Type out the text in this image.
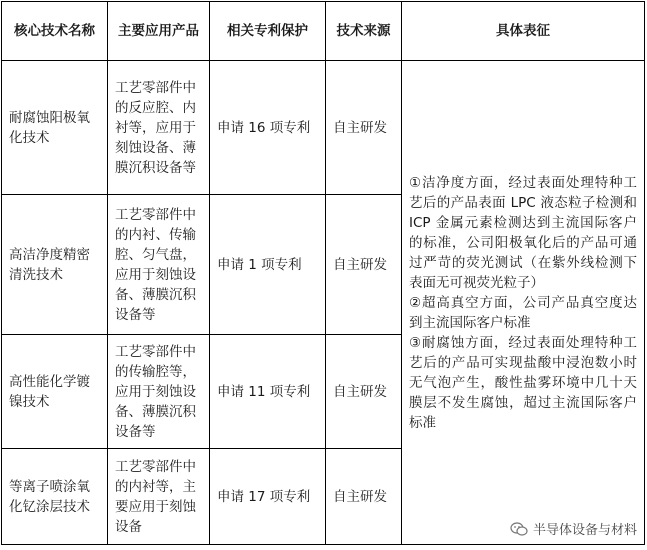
核心技术名称	主要应用产品	相关专利保护	技术来源	具体表征
耐腐蚀阳极氧化技术	工艺零部件中的反应腔、内衬等，应用于刻蚀设备、薄膜沉积设备等	申请 16 项专利	自主研发	①洁净度方面，经过表面处理特种工艺后的产品表面 LPC 液态粒子检测和 ICP 金属元素检测达到主流国际客户的标准，公司阳极氧化后的产品可通过严苛的荧光测试（在紫外线检测下表面无可视荧光粒子）
②超高真空方面，公司产品真空度达到主流国际客户标准
③耐腐蚀方面，经过表面处理特种工艺后的产品可实现盐酸中浸泡数小时无气泡产生，酸性盐雾环境中几十天膜层不发生腐蚀，超过主流国际客户标准

高洁净度精密清洗技术	工艺零部件中的内衬、传输腔、匀气盘，应用于刻蚀设备、薄膜沉积设备等	申请 1 项专利	自主研发	
高性能化学镀镍技术	工艺零部件中的传输腔等，应用于刻蚀设备、薄膜沉积设备等	申请 11 项专利	自主研发	
等离子喷涂氧化钇涂层技术	工艺零部件中的内衬等，主要应用于刻蚀设备	申请 17 项专利	自主研发	
半导体设备与材料
